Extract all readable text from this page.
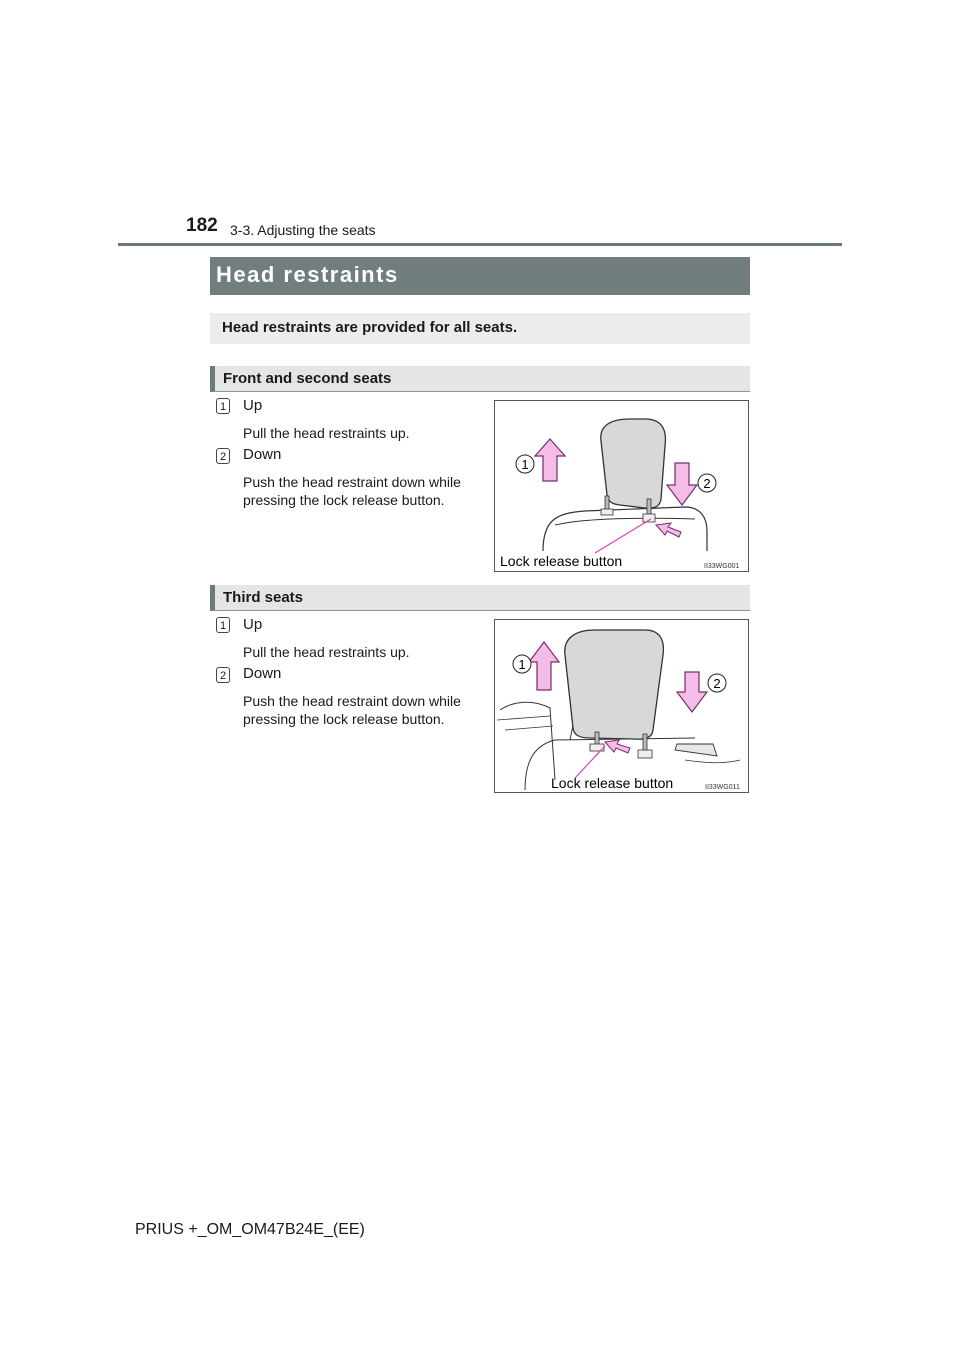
182 3-3. Adjusting the seats
Head restraints
Head restraints are provided for all seats.
Front and second seats
1 Up
Pull the head restraints up.
2 Down
Push the head restraint down while pressing the lock release button.
1
2
Lock release button	II33WG001
Third seats
1 Up
Pull the head restraints up.
2 Down
Push the head restraint down while pressing the lock release button.
1
2
Lock release button	II33WG011
PRIUS +_OM_OM47B24E_(EE)
